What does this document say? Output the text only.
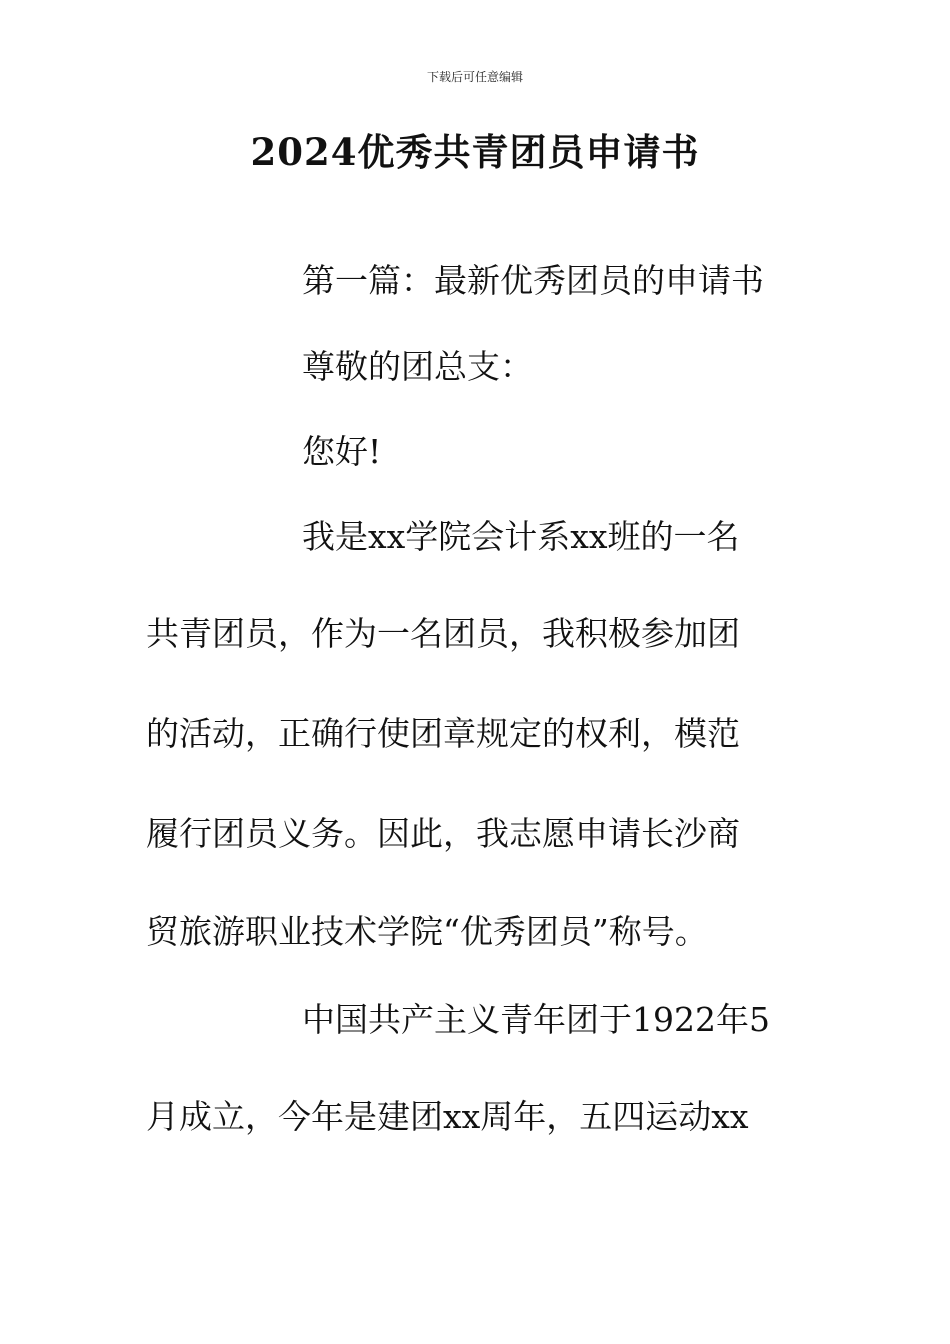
下载后可任意编辑
2024优秀共青团员申请书
第一篇：最新优秀团员的申请书
尊敬的团总支：
您好!
我是xx学院会计系xx班的一名
共青团员，作为一名团员，我积极参加团
的活动，正确行使团章规定的权利，模范
履行团员义务。因此，我志愿申请长沙商
贸旅游职业技术学院“优秀团员”称号。
中国共产主义青年团于1922年5
月成立，今年是建团xx周年，五四运动xx
